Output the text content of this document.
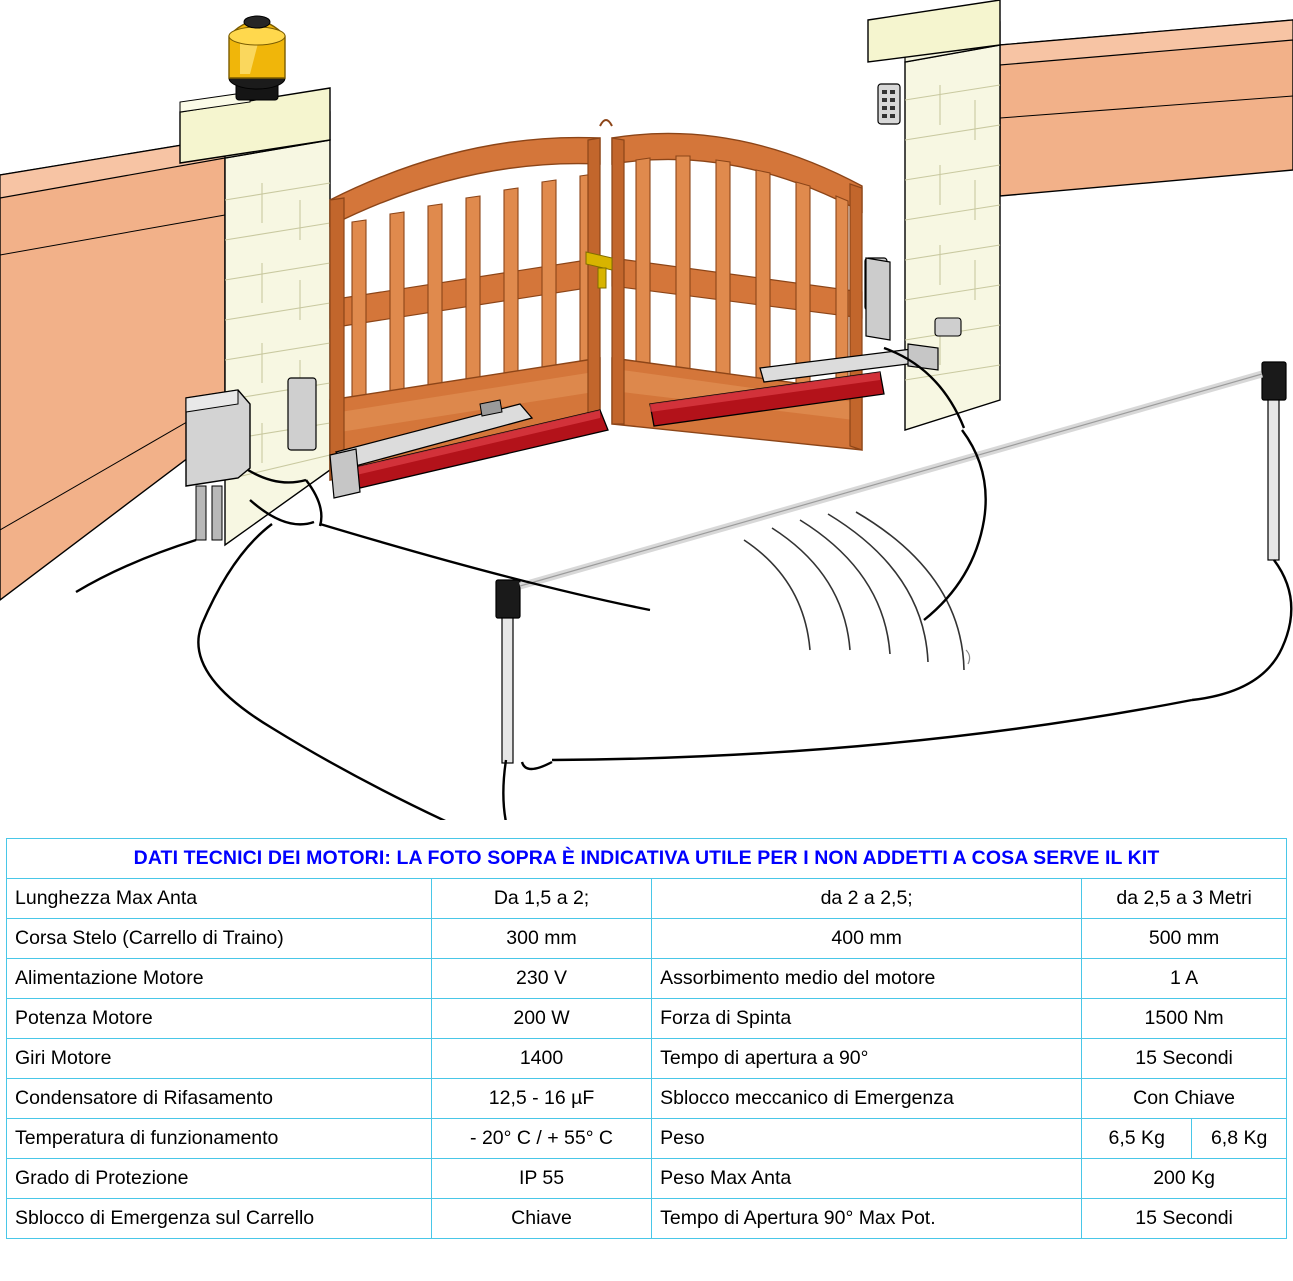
DATI TECNICI DEI MOTORI: LA FOTO SOPRA È INDICATIVA UTILE PER I NON ADDETTI A COSA SERVE IL KIT				
Lunghezza Max Anta	Da 1,5 a 2;	da 2 a 2,5;	da 2,5 a 3 Metri	
Corsa Stelo (Carrello di Traino)	300 mm	400 mm	500 mm	
Alimentazione Motore	230 V	Assorbimento medio del motore	1 A	
Potenza Motore	200 W	Forza di Spinta	1500 Nm	
Giri Motore	1400	Tempo di apertura a 90°	15 Secondi	
Condensatore di Rifasamento	12,5 - 16 µF	Sblocco meccanico di Emergenza	Con Chiave	
Temperatura di funzionamento	- 20° C / + 55° C	Peso	6,5 Kg	6,8 Kg
Grado di Protezione	IP 55	Peso Max Anta	200 Kg	
Sblocco di Emergenza sul Carrello	Chiave	Tempo di Apertura 90° Max Pot.	15 Secondi	
